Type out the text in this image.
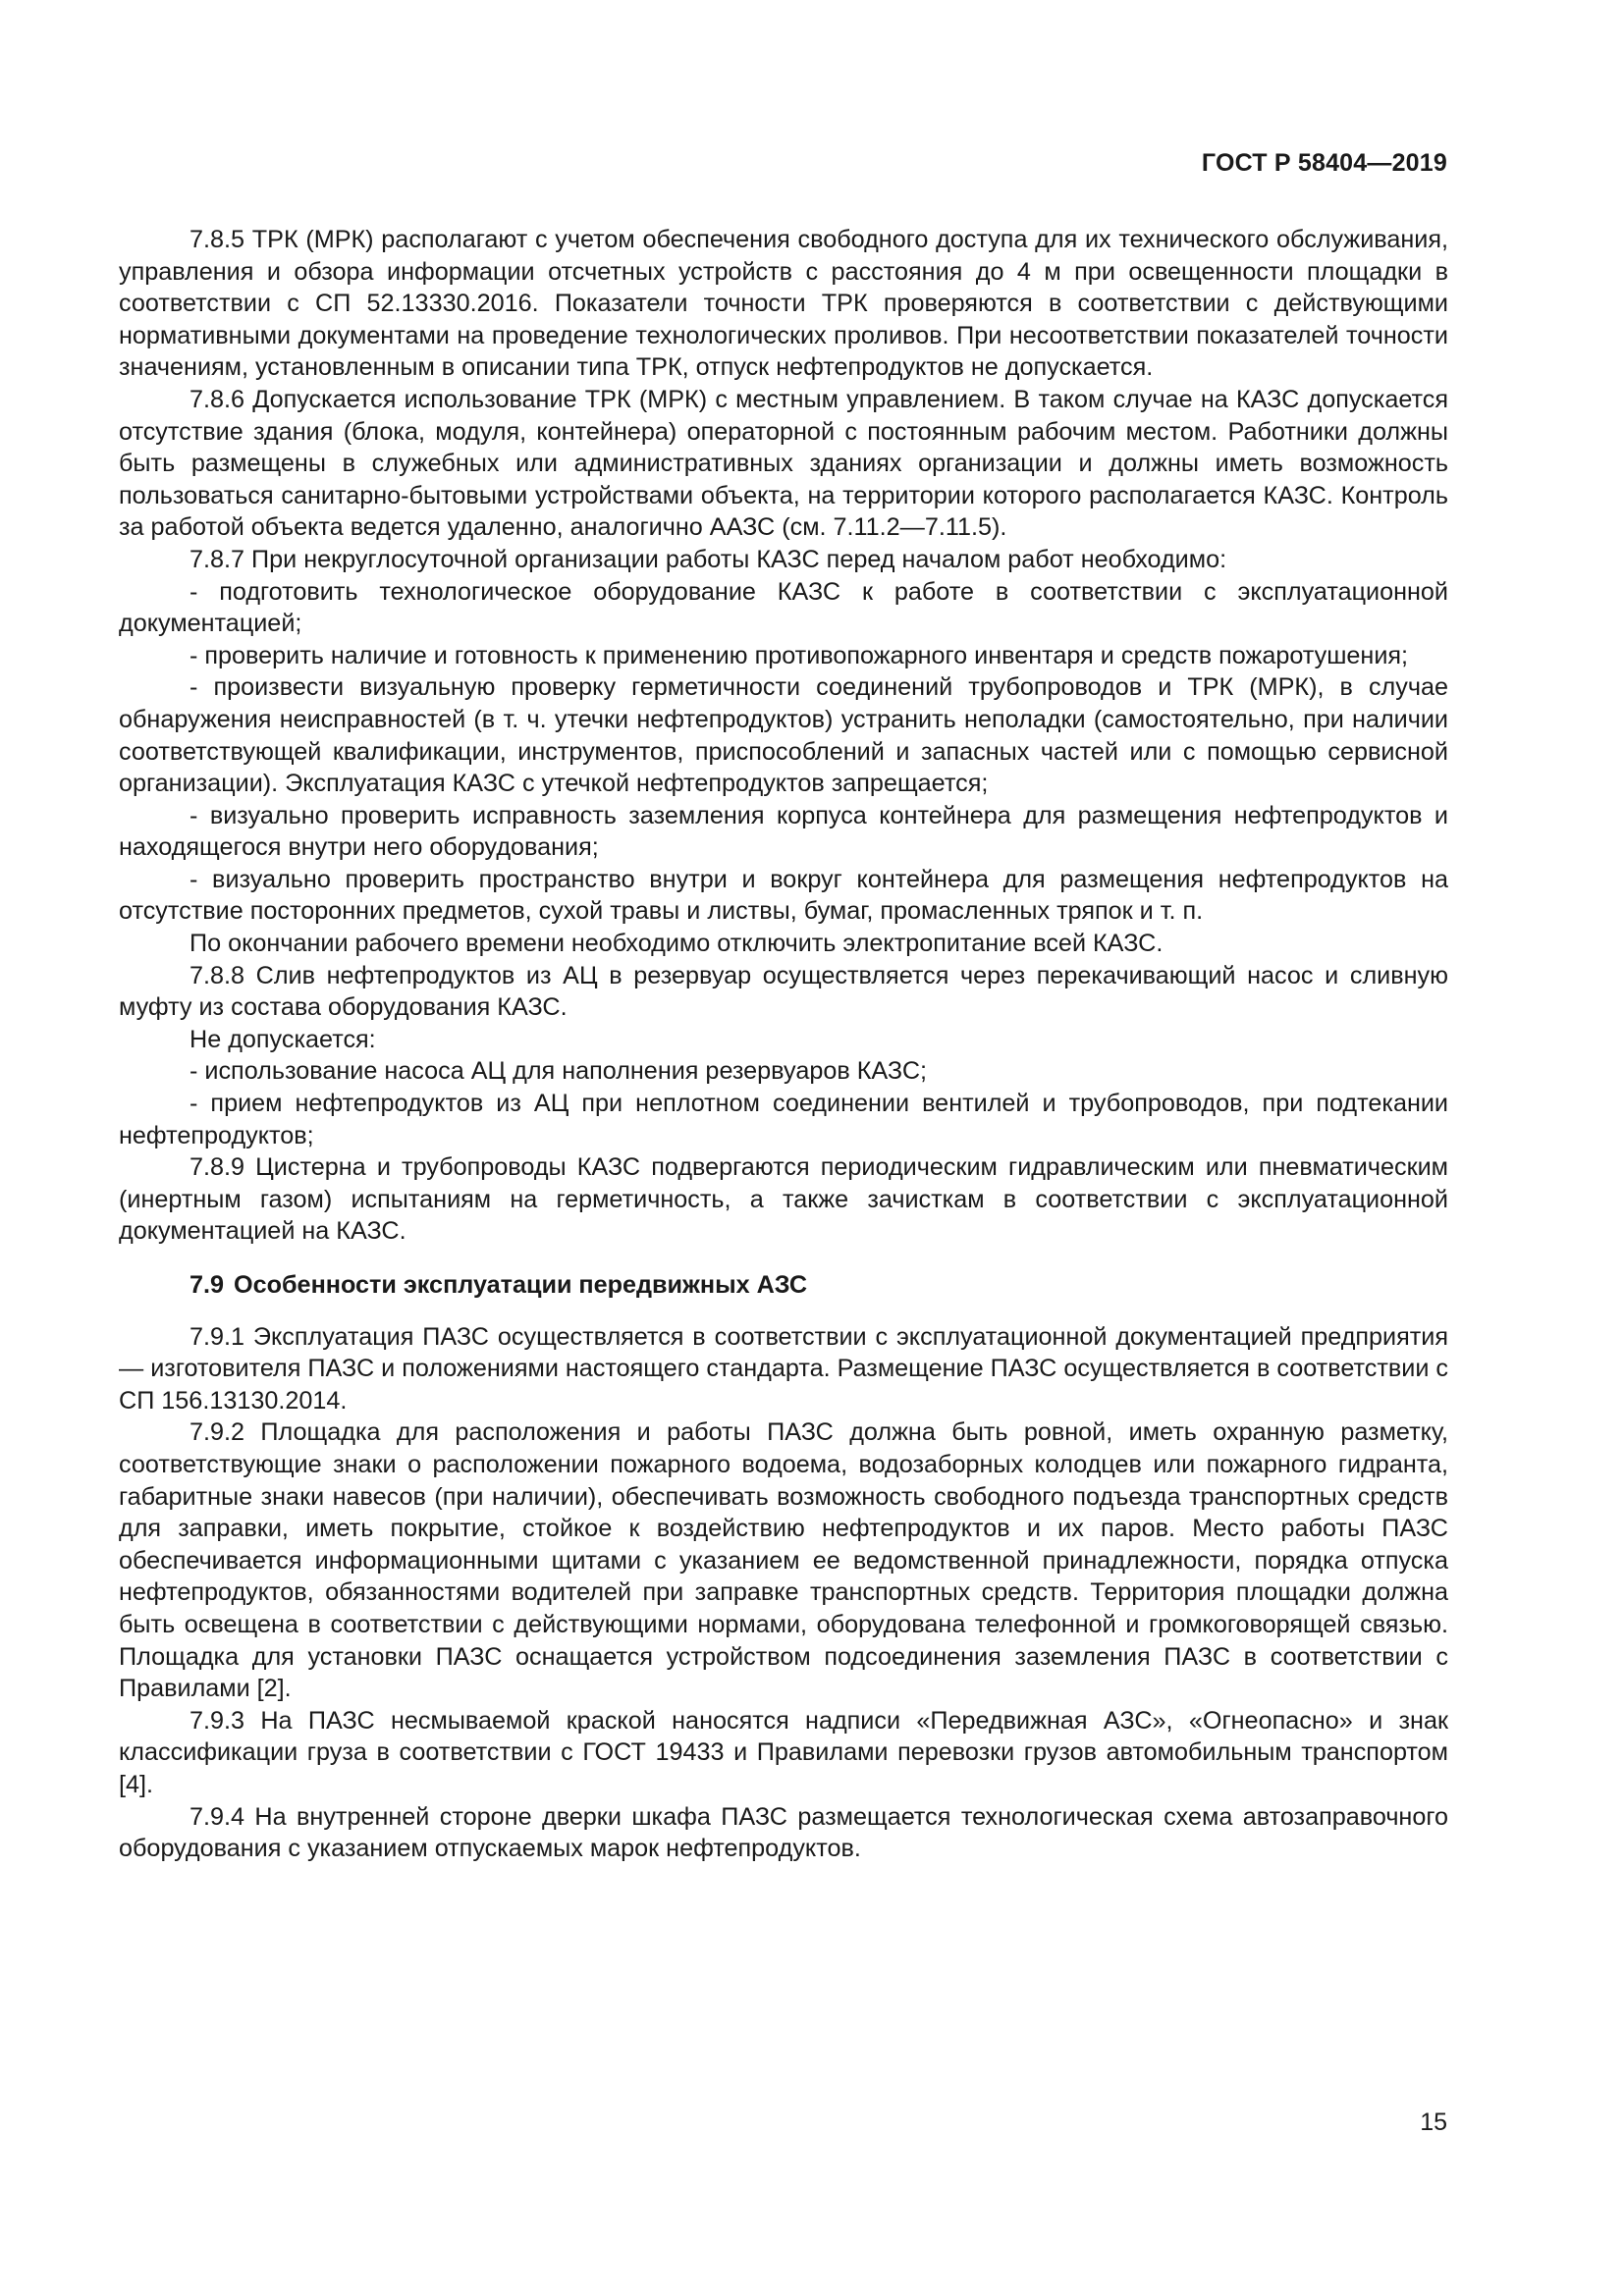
ГОСТ Р 58404—2019

7.8.5 ТРК (МРК) располагают с учетом обеспечения свободного доступа для их технического обслуживания, управления и обзора информации отсчетных устройств с расстояния до 4 м при освещенности площадки в соответствии с СП 52.13330.2016. Показатели точности ТРК проверяются в соответствии с действующими нормативными документами на проведение технологических проливов. При несоответствии показателей точности значениям, установленным в описании типа ТРК, отпуск нефтепродуктов не допускается.

7.8.6 Допускается использование ТРК (МРК) с местным управлением. В таком случае на КАЗС допускается отсутствие здания (блока, модуля, контейнера) операторной с постоянным рабочим местом. Работники должны быть размещены в служебных или административных зданиях организации и должны иметь возможность пользоваться санитарно-бытовыми устройствами объекта, на территории которого располагается КАЗС. Контроль за работой объекта ведется удаленно, аналогично ААЗС (см. 7.11.2—7.11.5).

7.8.7 При некруглосуточной организации работы КАЗС перед началом работ необходимо:

- подготовить технологическое оборудование КАЗС к работе в соответствии с эксплуатационной документацией;

- проверить наличие и готовность к применению противопожарного инвентаря и средств пожаротушения;

- произвести визуальную проверку герметичности соединений трубопроводов и ТРК (МРК), в случае обнаружения неисправностей (в т. ч. утечки нефтепродуктов) устранить неполадки (самостоятельно, при наличии соответствующей квалификации, инструментов, приспособлений и запасных частей или с помощью сервисной организации). Эксплуатация КАЗС с утечкой нефтепродуктов запрещается;

- визуально проверить исправность заземления корпуса контейнера для размещения нефтепродуктов и находящегося внутри него оборудования;

- визуально проверить пространство внутри и вокруг контейнера для размещения нефтепродуктов на отсутствие посторонних предметов, сухой травы и листвы, бумаг, промасленных тряпок и т. п.

По окончании рабочего времени необходимо отключить электропитание всей КАЗС.

7.8.8 Слив нефтепродуктов из АЦ в резервуар осуществляется через перекачивающий насос и сливную муфту из состава оборудования КАЗС.

Не допускается:

- использование насоса АЦ для наполнения резервуаров КАЗС;

- прием нефтепродуктов из АЦ при неплотном соединении вентилей и трубопроводов, при подтекании нефтепродуктов;

7.8.9 Цистерна и трубопроводы КАЗС подвергаются периодическим гидравлическим или пневматическим (инертным газом) испытаниям на герметичность, а также зачисткам в соответствии с эксплуатационной документацией на КАЗС.

7.9 Особенности эксплуатации передвижных АЗС

7.9.1 Эксплуатация ПАЗС осуществляется в соответствии с эксплуатационной документацией предприятия — изготовителя ПАЗС и положениями настоящего стандарта. Размещение ПАЗС осуществляется в соответствии с СП 156.13130.2014.

7.9.2 Площадка для расположения и работы ПАЗС должна быть ровной, иметь охранную разметку, соответствующие знаки о расположении пожарного водоема, водозаборных колодцев или пожарного гидранта, габаритные знаки навесов (при наличии), обеспечивать возможность свободного подъезда транспортных средств для заправки, иметь покрытие, стойкое к воздействию нефтепродуктов и их паров. Место работы ПАЗС обеспечивается информационными щитами с указанием ее ведомственной принадлежности, порядка отпуска нефтепродуктов, обязанностями водителей при заправке транспортных средств. Территория площадки должна быть освещена в соответствии с действующими нормами, оборудована телефонной и громкоговорящей связью. Площадка для установки ПАЗС оснащается устройством подсоединения заземления ПАЗС в соответствии с Правилами [2].

7.9.3 На ПАЗС несмываемой краской наносятся надписи «Передвижная АЗС», «Огнеопасно» и знак классификации груза в соответствии с ГОСТ 19433 и Правилами перевозки грузов автомобильным транспортом [4].

7.9.4 На внутренней стороне дверки шкафа ПАЗС размещается технологическая схема автозаправочного оборудования с указанием отпускаемых марок нефтепродуктов.

15
